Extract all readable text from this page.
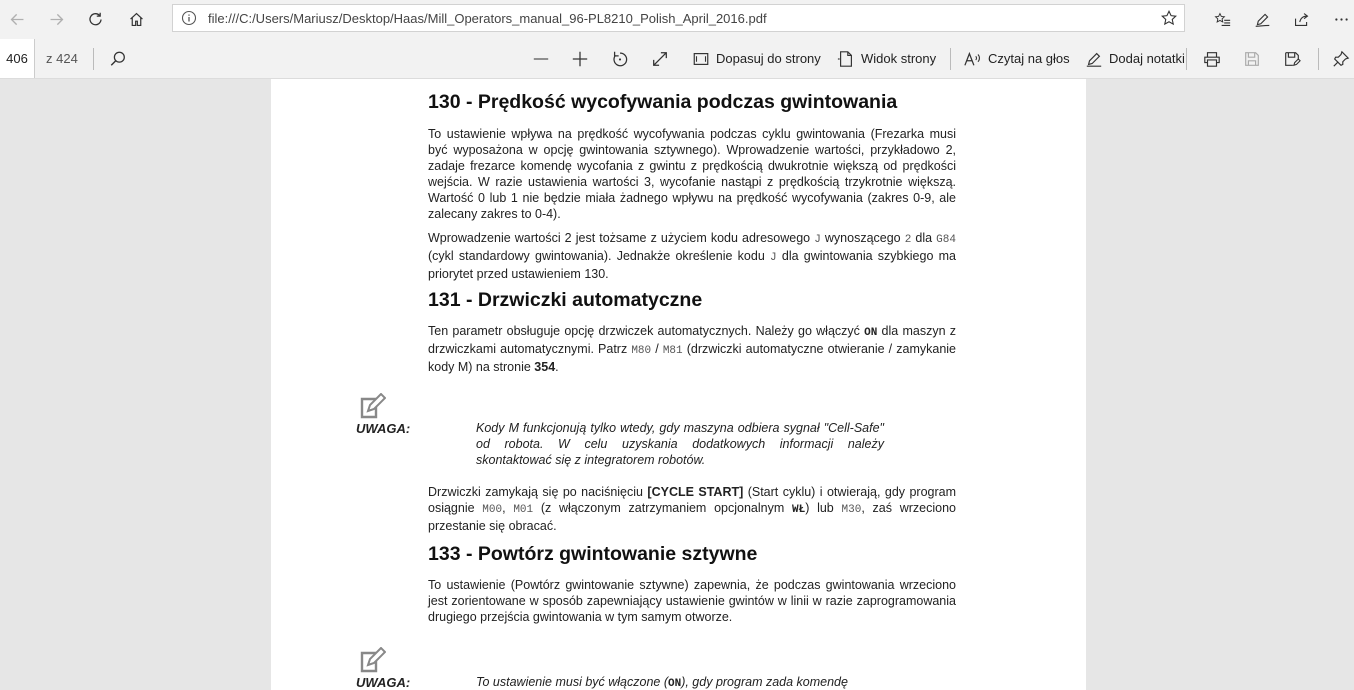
file:///C:/Users/Mariusz/Desktop/Haas/Mill_Operators_manual_96-PL8210_Polish_April_2016.pdf
406	z 424	Dopasuj do strony	Widok strony	Czytaj na głos	Dodaj notatki
130 - Prędkość wycofywania podczas gwintowania
To ustawienie wpływa na prędkość wycofywania podczas cyklu gwintowania (Frezarka musi być wyposażona w opcję gwintowania sztywnego). Wprowadzenie wartości, przykładowo 2, zadaje frezarce komendę wycofania z gwintu z prędkością dwukrotnie większą od prędkości wejścia. W razie ustawienia wartości 3, wycofanie nastąpi z prędkością trzykrotnie większą. Wartość 0 lub 1 nie będzie miała żadnego wpływu na prędkość wycofywania (zakres 0-9, ale zalecany zakres to 0-4).
Wprowadzenie wartości 2 jest tożsame z użyciem kodu adresowego J wynoszącego 2 dla G84 (cykl standardowy gwintowania). Jednakże określenie kodu J dla gwintowania szybkiego ma priorytet przed ustawieniem 130.
131 - Drzwiczki automatyczne
Ten parametr obsługuje opcję drzwiczek automatycznych. Należy go włączyć ON dla maszyn z drzwiczkami automatycznymi. Patrz M80 / M81 (drzwiczki automatyczne otwieranie / zamykanie kody M) na stronie 354.
UWAGA:	Kody M funkcjonują tylko wtedy, gdy maszyna odbiera sygnał "Cell-Safe" od robota. W celu uzyskania dodatkowych informacji należy skontaktować się z integratorem robotów.
Drzwiczki zamykają się po naciśnięciu [CYCLE START] (Start cyklu) i otwierają, gdy program osiągnie M00, M01 (z włączonym zatrzymaniem opcjonalnym WŁ) lub M30, zaś wrzeciono przestanie się obracać.
133 - Powtórz gwintowanie sztywne
To ustawienie (Powtórz gwintowanie sztywne) zapewnia, że podczas gwintowania wrzeciono jest zorientowane w sposób zapewniający ustawienie gwintów w linii w razie zaprogramowania drugiego przejścia gwintowania w tym samym otworze.
UWAGA:	To ustawienie musi być włączone (ON), gdy program zada komendę
